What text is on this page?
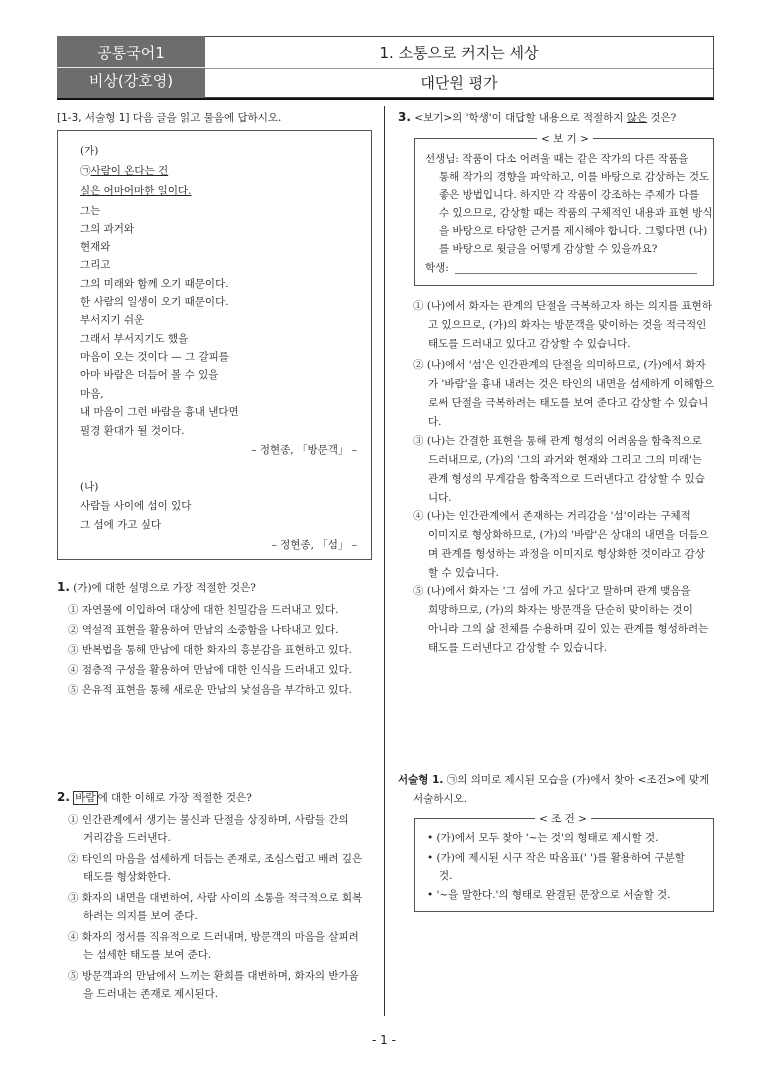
공통국어1
비상(강호영)
1. 소통으로 커지는 세상
대단원 평가
[1-3, 서술형 1] 다음 글을 읽고 물음에 답하시오.
(가)
㉠사람이 온다는 건
실은 어마어마한 일이다.
그는
그의 과거와
현재와
그리고
그의 미래와 함께 오기 때문이다.
한 사람의 일생이 오기 때문이다.
부서지기 쉬운
그래서 부서지기도 했을
마음이 오는 것이다 — 그 갈피를
아마 바람은 더듬어 볼 수 있을
마음,
내 마음이 그런 바람을 흉내 낸다면
필경 환대가 될 것이다.
– 정현종, 「방문객」 –
(나)
사람들 사이에 섬이 있다
그 섬에 가고 싶다
– 정현종, 「섬」 –
1. (가)에 대한 설명으로 가장 적절한 것은?
① 자연물에 이입하여 대상에 대한 친밀감을 드러내고 있다.
② 역설적 표현을 활용하여 만남의 소중함을 나타내고 있다.
③ 반복법을 통해 만남에 대한 화자의 흥분감을 표현하고 있다.
④ 점층적 구성을 활용하여 만남에 대한 인식을 드러내고 있다.
⑤ 은유적 표현을 통해 새로운 만남의 낯설음을 부각하고 있다.
2. 바람 에 대한 이해로 가장 적절한 것은?
① 인간관계에서 생기는 불신과 단절을 상징하며, 사람들 간의
거리감을 드러낸다.
② 타인의 마음을 섬세하게 더듬는 존재로, 조심스럽고 배려 깊은
태도를 형상화한다.
③ 화자의 내면을 대변하여, 사람 사이의 소통을 적극적으로 회복
하려는 의지를 보여 준다.
④ 화자의 정서를 직유적으로 드러내며, 방문객의 마음을 살피려
는 섬세한 태도를 보여 준다.
⑤ 방문객과의 만남에서 느끼는 환희를 대변하며, 화자의 반가움
을 드러내는 존재로 제시된다.
3. <보기>의 '학생'이 대답할 내용으로 적절하지 않은 것은?
< 보 기 >
선생님: 작품이 다소 어려울 때는 같은 작가의 다른 작품을
통해 작가의 경향을 파악하고, 이를 바탕으로 감상하는 것도
좋은 방법입니다. 하지만 각 작품이 강조하는 주제가 다를
수 있으므로, 감상할 때는 작품의 구체적인 내용과 표현 방식
을 바탕으로 타당한 근거를 제시해야 합니다. 그렇다면 (나)
를 바탕으로 윗글을 어떻게 감상할 수 있을까요?
학생:
① (나)에서 화자는 관계의 단절을 극복하고자 하는 의지를 표현하
고 있으므로, (가)의 화자는 방문객을 맞이하는 것을 적극적인
태도를 드러내고 있다고 감상할 수 있습니다.
② (나)에서 '섬'은 인간관계의 단절을 의미하므로, (가)에서 화자
가 '바람'을 흉내 내려는 것은 타인의 내면을 섬세하게 이해함으
로써 단절을 극복하려는 태도를 보여 준다고 감상할 수 있습니
다.
③ (나)는 간결한 표현을 통해 관계 형성의 어려움을 함축적으로
드러내므로, (가)의 '그의 과거와 현재와 그리고 그의 미래'는
관계 형성의 무게감을 함축적으로 드러낸다고 감상할 수 있습
니다.
④ (나)는 인간관계에서 존재하는 거리감을 '섬'이라는 구체적
이미지로 형상화하므로, (가)의 '바람'은 상대의 내면을 더듬으
며 관계를 형성하는 과정을 이미지로 형상화한 것이라고 감상
할 수 있습니다.
⑤ (나)에서 화자는 '그 섬에 가고 싶다'고 말하며 관계 맺음을
희망하므로, (가)의 화자는 방문객을 단순히 맞이하는 것이
아니라 그의 삶 전체를 수용하며 깊이 있는 관계를 형성하려는
태도를 드러낸다고 감상할 수 있습니다.
서술형 1. ㉠의 의미로 제시된 모습을 (가)에서 찾아 <조건>에 맞게
서술하시오.
< 조 건 >
• (가)에서 모두 찾아 '~는 것'의 형태로 제시할 것.
• (가)에 제시된 시구 작은 따옴표(' ')를 활용하여 구분할
것.
• '~을 말한다.'의 형태로 완결된 문장으로 서술할 것.
- 1 -
